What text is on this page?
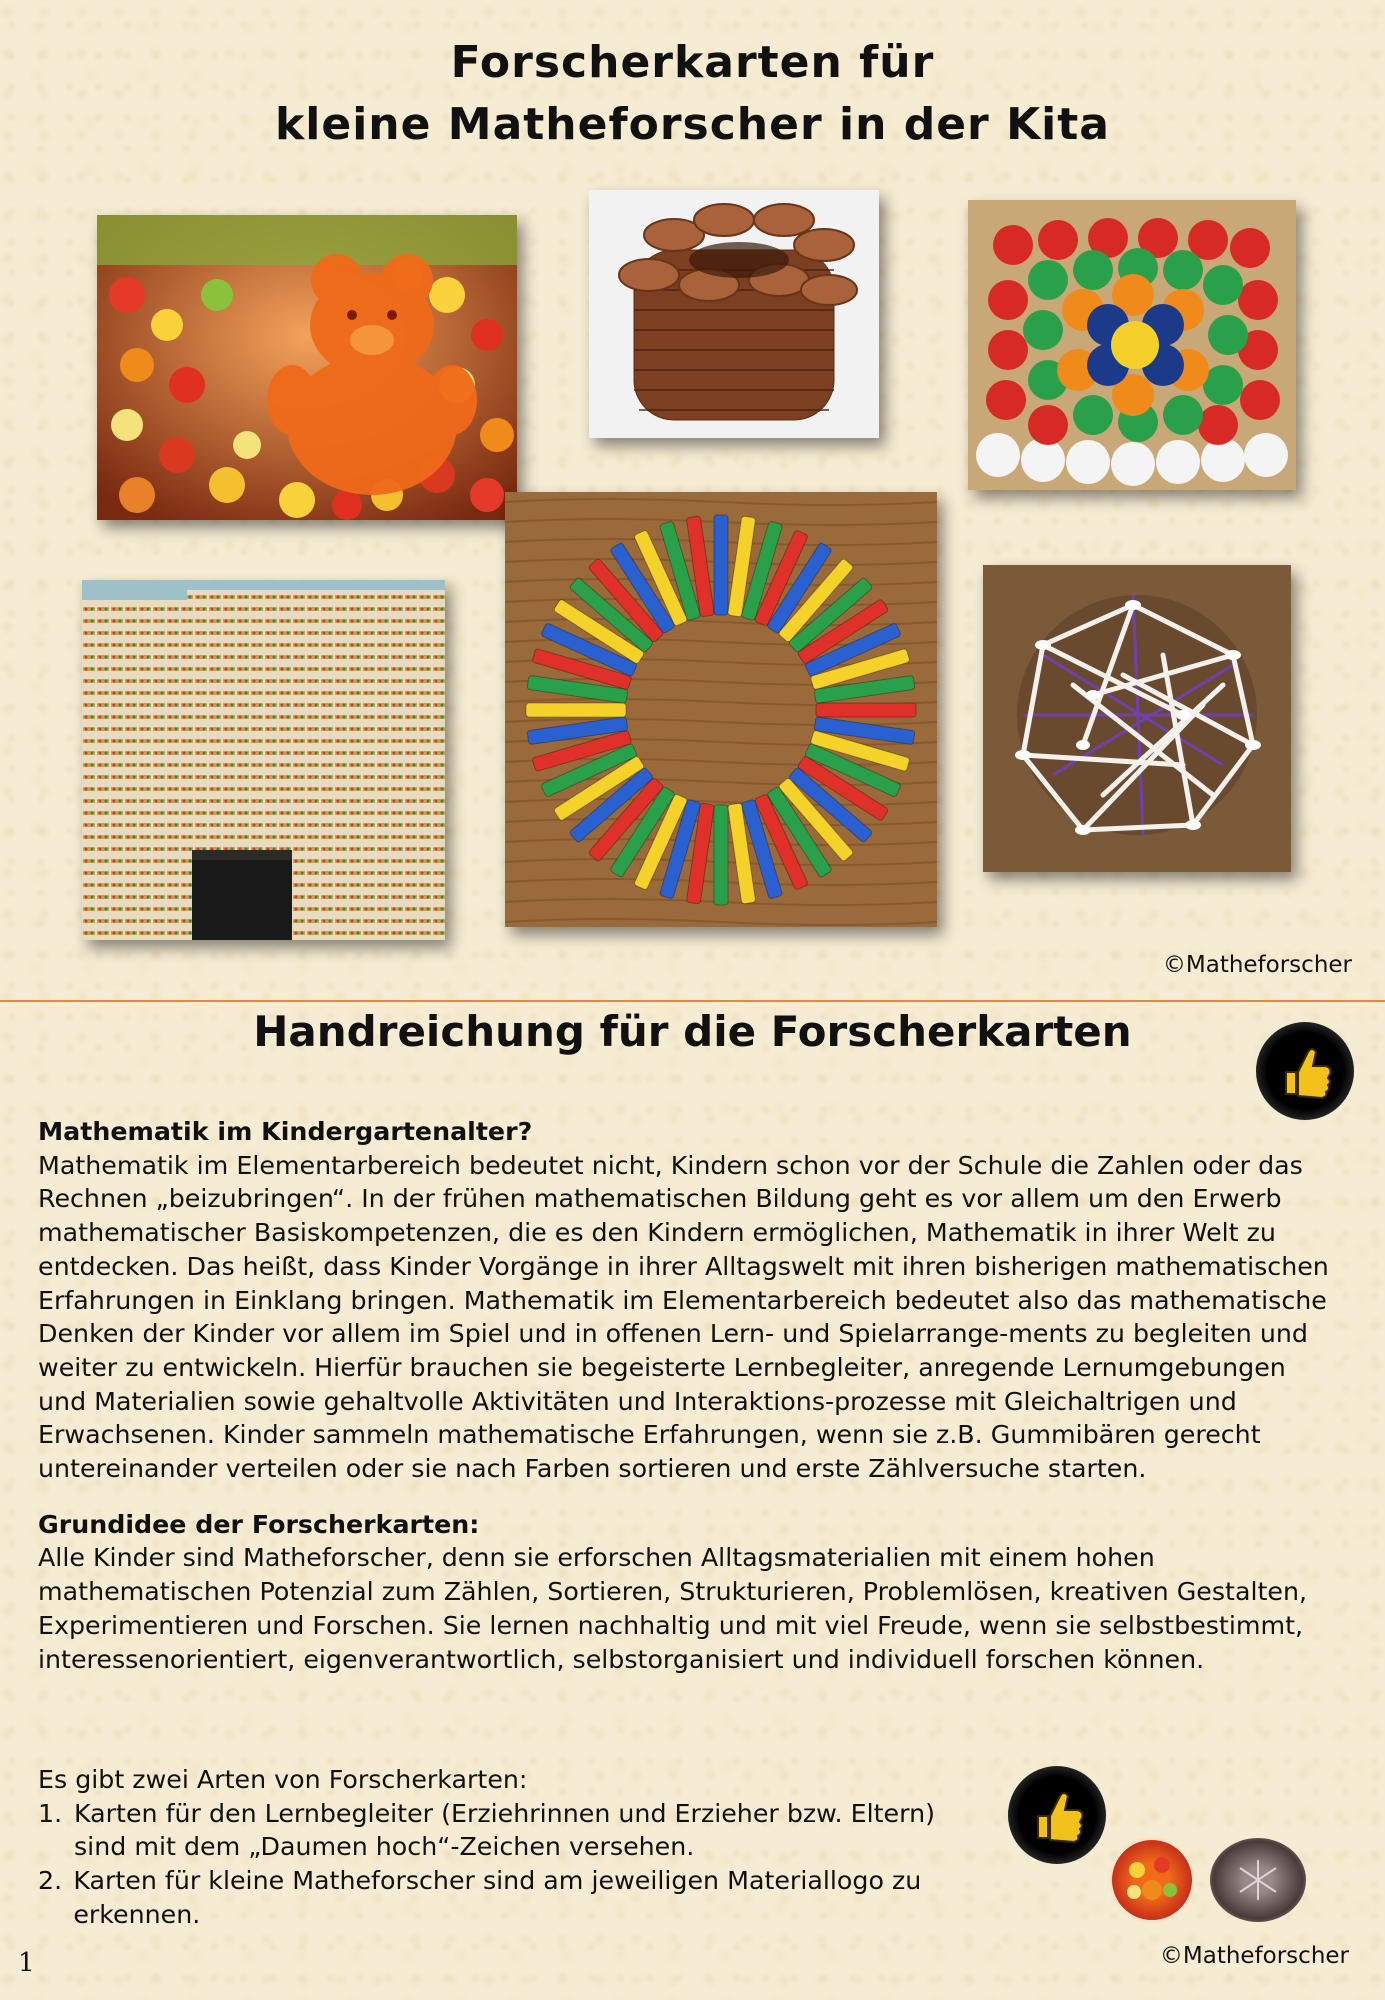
Forscherkarten für
kleine Matheforscher in der Kita
©Matheforscher
Handreichung für die Forscherkarten

Mathematik im Kindergartenalter?

Mathematik im Elementarbereich bedeutet nicht, Kindern schon vor der Schule die Zahlen oder das Rechnen „beizubringen“. In der frühen mathematischen Bildung geht es vor allem um den Erwerb mathematischer Basiskompetenzen, die es den Kindern ermöglichen, Mathematik in ihrer Welt zu entdecken. Das heißt, dass Kinder Vorgänge in ihrer Alltagswelt mit ihren bisherigen mathematischen Erfahrungen in Einklang bringen. Mathematik im Elementarbereich bedeutet also das mathematische Denken der Kinder vor allem im Spiel und in offenen Lern- und Spielarrange-ments zu begleiten und weiter zu entwickeln. Hierfür brauchen sie begeisterte Lernbegleiter, anregende Lernumgebungen und Materialien sowie gehaltvolle Aktivitäten und Interaktions-prozesse mit Gleichaltrigen und Erwachsenen. Kinder sammeln mathematische Erfahrungen, wenn sie z.B. Gummibären gerecht untereinander verteilen oder sie nach Farben sortieren und erste Zählversuche starten.

Grundidee der Forscherkarten:

Alle Kinder sind Matheforscher, denn sie erforschen Alltagsmaterialien mit einem hohen mathematischen Potenzial zum Zählen, Sortieren, Strukturieren, Problemlösen, kreativen Gestalten, Experimentieren und Forschen. Sie lernen nachhaltig und mit viel Freude, wenn sie selbstbestimmt, interessenorientiert, eigenverantwortlich, selbstorganisiert und individuell forschen können.

Es gibt zwei Arten von Forscherkarten:

1. Karten für den Lernbegleiter (Erziehrinnen und Erzieher bzw. Eltern)
sind mit dem „Daumen hoch“-Zeichen versehen.
2. Karten für kleine Matheforscher sind am jeweiligen Materiallogo zu erkennen.
1	©Matheforscher
